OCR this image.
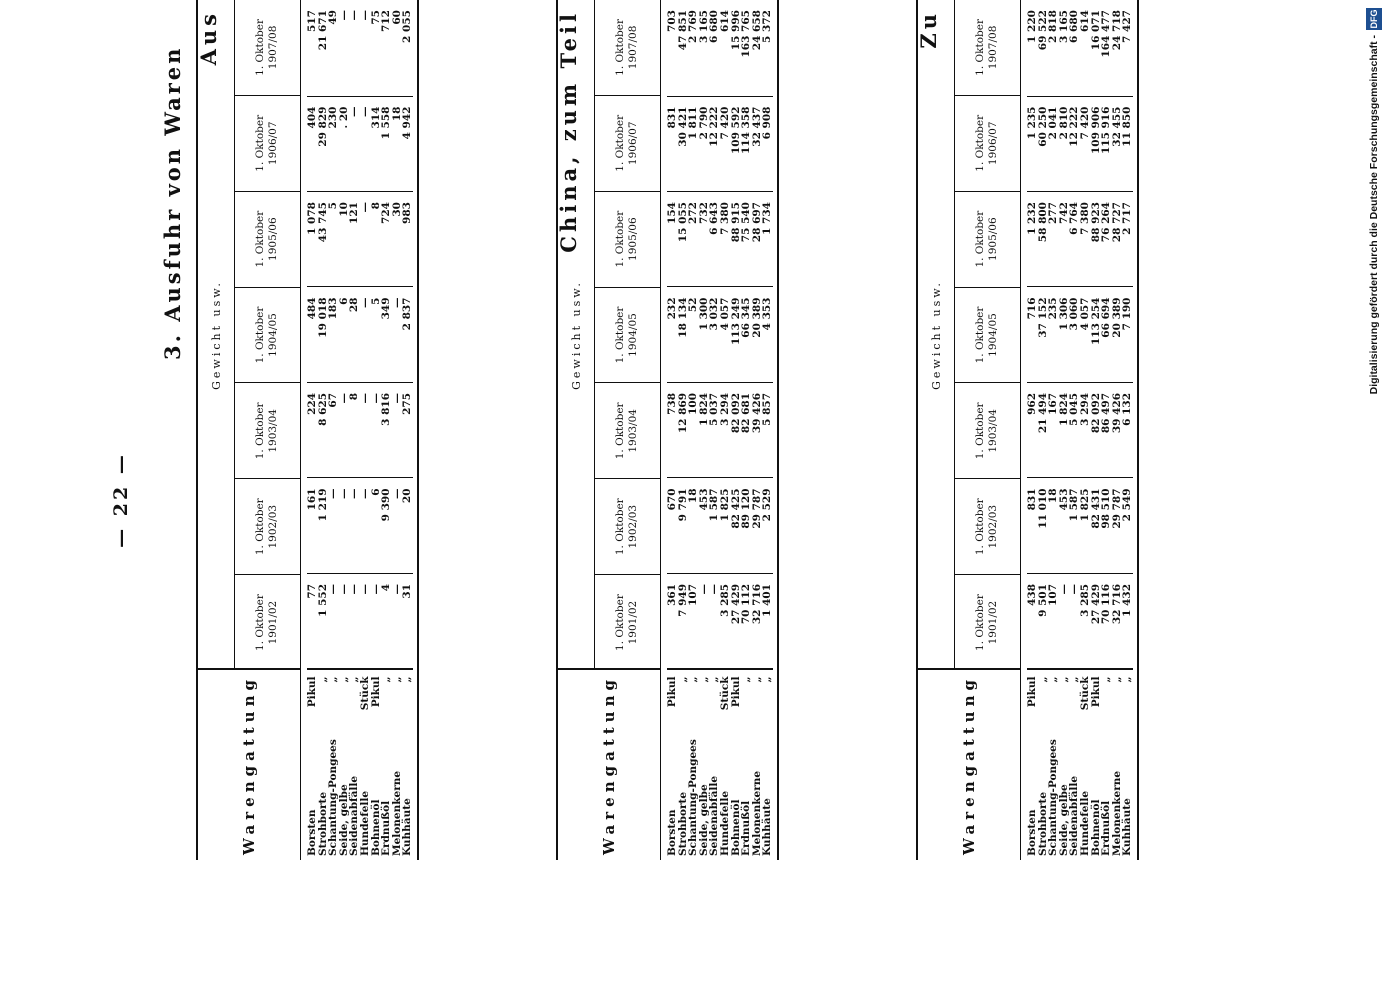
— 22 —
3. Ausfuhr von Waren
Aus
Warengattung
Gewicht usw.
1. Oktober 1901/02
1. Oktober 1902/03
1. Oktober 1903/04
1. Oktober 1904/05
1. Oktober 1905/06
1. Oktober 1906/07
1. Oktober 1907/08
Borsten
Pikul
77
161
224
484
1 078
404
517
Strohborte
„
1 552
1 219
8 625
19 018
43 745
29 829
21 671
Schantung-Pongees
„
—
—
67
183
5
230
49
Seide, gelbe
„
—
—
—
6
10
. 20
—
Seidenabfälle
„
—
—
8
28
121
—
—
Hundefelle
Stück
—
—
—
—
—
—
—
Bohnenöl
Pikul
—
6
—
5
8
314
75
Erdnußöl
„
4
9 390
3 816
349
724
1 558
712
Melonenkerne
„
—
—
—
—
30
18
60
Kuhhäute
„
31
20
275
2 837
983
4 942
2 055	China, zum Teil
Warengattung
Gewicht usw.
1. Oktober 1901/02
1. Oktober 1902/03
1. Oktober 1903/04
1. Oktober 1904/05
1. Oktober 1905/06
1. Oktober 1906/07
1. Oktober 1907/08
Borsten
Pikul
361
670
738
232
154
831
703
Strohborte
„
7 949
9 791
12 869
18 134
15 055
30 421
47 851
Schantung-Pongees
„
107
18
100
52
272
1 811
2 769
Seide, gelbe
„
—
453
1 824
1 300
732
2 790
3 165
Seidenabfälle
„
—
1 587
5 037
3 032
6 643
12 222
6 680
Hundefelle
Stück
3 285
1 825
3 294
4 057
7 380
7 420
614
Bohnenöl
Pikul
27 429
82 425
82 092
113 249
88 915
109 592
15 996
Erdnußöl
„
70 112
89 120
82 681
66 345
75 540
114 358
163 765
Melonenkerne
„
32 716
29 787
39 426
20 389
28 697
32 437
24 658
Kuhhäute
„
1 401
2 529
5 857
4 353
1 734
6 908
5 372	Zu
Warengattung
Gewicht usw.
1. Oktober 1901/02
1. Oktober 1902/03
1. Oktober 1903/04
1. Oktober 1904/05
1. Oktober 1905/06
1. Oktober 1906/07
1. Oktober 1907/08
Borsten
Pikul
438
831
962
716
1 232
1 235
1 220
Strohborte
„
9 501
11 010
21 494
37 152
58 800
60 250
69 522
Schantung-Pongees
„
107
18
167
235
277
2 041
2 818
Seide, gelbe
„
—
453
1 824
1 306
742
2 810
3 165
Seidenabfälle
„
—
1 587
5 045
3 060
6 764
12 222
6 680
Hundefelle
Stück
3 285
1 825
3 294
4 057
7 380
7 420
614
Bohnenöl
Pikul
27 429
82 431
82 092
113 254
88 923
109 906
16 071
Erdnußöl
„
70 116
98 510
86 497
66 694
76 264
115 916
164 477
Melonenkerne
„
32 716
29 787
39 426
20 389
28 727
32 455
24 718
Kuhhäute
„
1 432
2 549
6 132
7 190
2 717
11 850
7 427
Digitalisierung gefördert durch die Deutsche Forschungsgemeinschaft -
DFG
